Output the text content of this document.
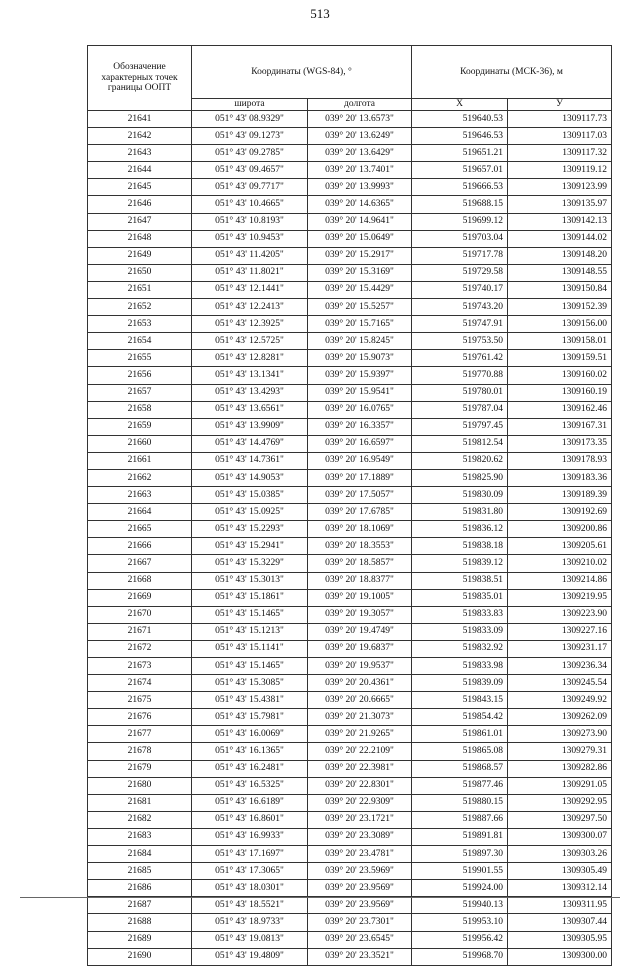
513
Обозначение характерных точек границы ООПТ	Координаты (WGS-84), °		Координаты (МСК-36), м	
	широта	долгота	X	У
21641	051° 43' 08.9329"	039° 20' 13.6573"	519640.53	1309117.73
21642	051° 43' 09.1273"	039° 20' 13.6249"	519646.53	1309117.03
21643	051° 43' 09.2785"	039° 20' 13.6429"	519651.21	1309117.32
21644	051° 43' 09.4657"	039° 20' 13.7401"	519657.01	1309119.12
21645	051° 43' 09.7717"	039° 20' 13.9993"	519666.53	1309123.99
21646	051° 43' 10.4665"	039° 20' 14.6365"	519688.15	1309135.97
21647	051° 43' 10.8193"	039° 20' 14.9641"	519699.12	1309142.13
21648	051° 43' 10.9453"	039° 20' 15.0649"	519703.04	1309144.02
21649	051° 43' 11.4205"	039° 20' 15.2917"	519717.78	1309148.20
21650	051° 43' 11.8021"	039° 20' 15.3169"	519729.58	1309148.55
21651	051° 43' 12.1441"	039° 20' 15.4429"	519740.17	1309150.84
21652	051° 43' 12.2413"	039° 20' 15.5257"	519743.20	1309152.39
21653	051° 43' 12.3925"	039° 20' 15.7165"	519747.91	1309156.00
21654	051° 43' 12.5725"	039° 20' 15.8245"	519753.50	1309158.01
21655	051° 43' 12.8281"	039° 20' 15.9073"	519761.42	1309159.51
21656	051° 43' 13.1341"	039° 20' 15.9397"	519770.88	1309160.02
21657	051° 43' 13.4293"	039° 20' 15.9541"	519780.01	1309160.19
21658	051° 43' 13.6561"	039° 20' 16.0765"	519787.04	1309162.46
21659	051° 43' 13.9909"	039° 20' 16.3357"	519797.45	1309167.31
21660	051° 43' 14.4769"	039° 20' 16.6597"	519812.54	1309173.35
21661	051° 43' 14.7361"	039° 20' 16.9549"	519820.62	1309178.93
21662	051° 43' 14.9053"	039° 20' 17.1889"	519825.90	1309183.36
21663	051° 43' 15.0385"	039° 20' 17.5057"	519830.09	1309189.39
21664	051° 43' 15.0925"	039° 20' 17.6785"	519831.80	1309192.69
21665	051° 43' 15.2293"	039° 20' 18.1069"	519836.12	1309200.86
21666	051° 43' 15.2941"	039° 20' 18.3553"	519838.18	1309205.61
21667	051° 43' 15.3229"	039° 20' 18.5857"	519839.12	1309210.02
21668	051° 43' 15.3013"	039° 20' 18.8377"	519838.51	1309214.86
21669	051° 43' 15.1861"	039° 20' 19.1005"	519835.01	1309219.95
21670	051° 43' 15.1465"	039° 20' 19.3057"	519833.83	1309223.90
21671	051° 43' 15.1213"	039° 20' 19.4749"	519833.09	1309227.16
21672	051° 43' 15.1141"	039° 20' 19.6837"	519832.92	1309231.17
21673	051° 43' 15.1465"	039° 20' 19.9537"	519833.98	1309236.34
21674	051° 43' 15.3085"	039° 20' 20.4361"	519839.09	1309245.54
21675	051° 43' 15.4381"	039° 20' 20.6665"	519843.15	1309249.92
21676	051° 43' 15.7981"	039° 20' 21.3073"	519854.42	1309262.09
21677	051° 43' 16.0069"	039° 20' 21.9265"	519861.01	1309273.90
21678	051° 43' 16.1365"	039° 20' 22.2109"	519865.08	1309279.31
21679	051° 43' 16.2481"	039° 20' 22.3981"	519868.57	1309282.86
21680	051° 43' 16.5325"	039° 20' 22.8301"	519877.46	1309291.05
21681	051° 43' 16.6189"	039° 20' 22.9309"	519880.15	1309292.95
21682	051° 43' 16.8601"	039° 20' 23.1721"	519887.66	1309297.50
21683	051° 43' 16.9933"	039° 20' 23.3089"	519891.81	1309300.07
21684	051° 43' 17.1697"	039° 20' 23.4781"	519897.30	1309303.26
21685	051° 43' 17.3065"	039° 20' 23.5969"	519901.55	1309305.49
21686	051° 43' 18.0301"	039° 20' 23.9569"	519924.00	1309312.14
21687	051° 43' 18.5521"	039° 20' 23.9569"	519940.13	1309311.95
21688	051° 43' 18.9733"	039° 20' 23.7301"	519953.10	1309307.44
21689	051° 43' 19.0813"	039° 20' 23.6545"	519956.42	1309305.95
21690	051° 43' 19.4809"	039° 20' 23.3521"	519968.70	1309300.00
